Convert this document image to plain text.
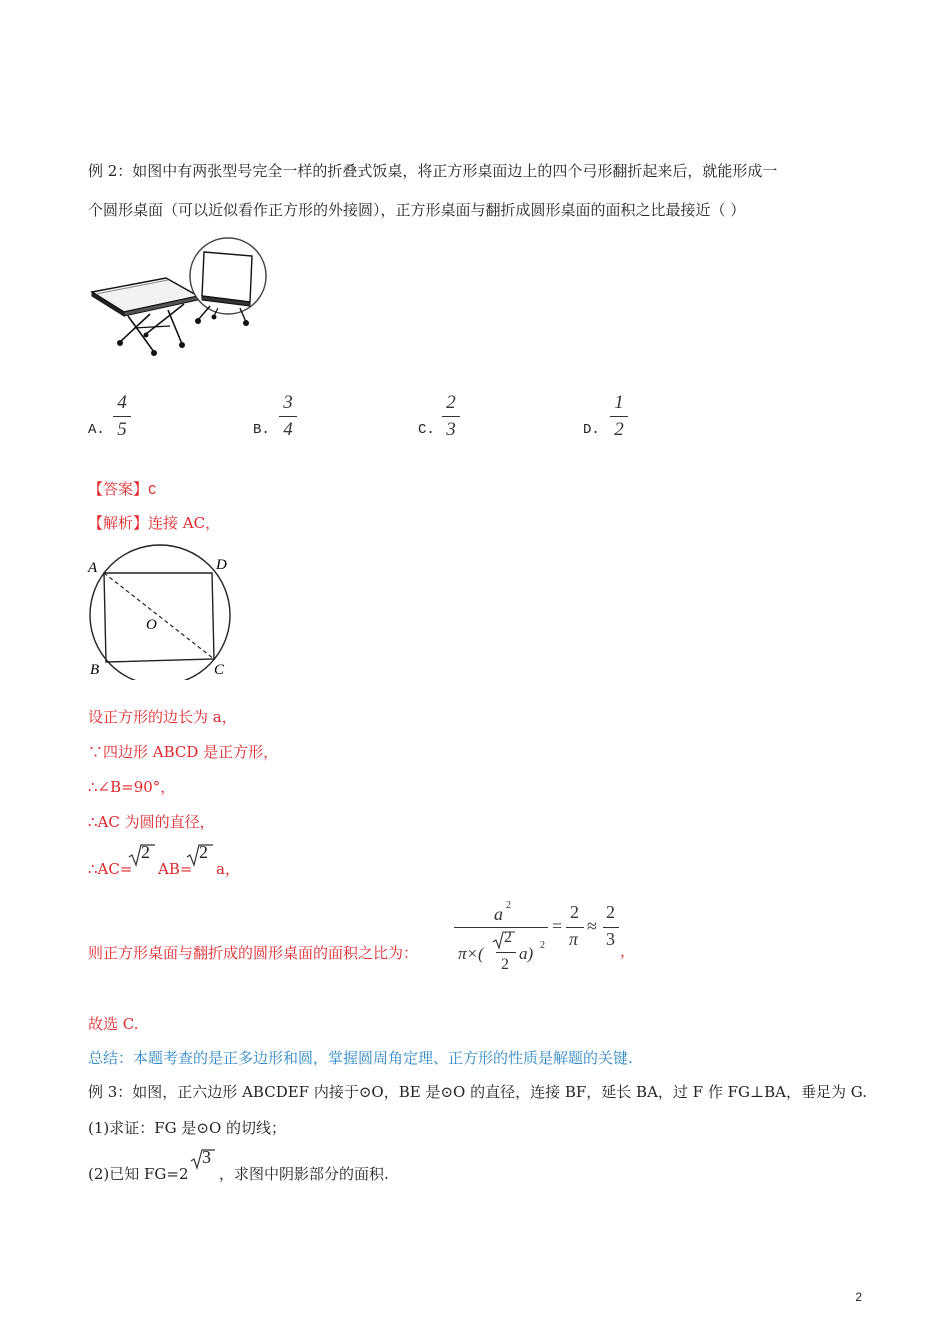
例 2：如图中有两张型号完全一样的折叠式饭桌，将正方形桌面边上的四个弓形翻折起来后，就能形成一
个圆形桌面（可以近似看作正方形的外接圆），正方形桌面与翻折成圆形桌面的面积之比最接近（ ）
A.
4
5	B.
3
4	C.
2
3	D.
1
2
【答案】C
【解析】连接 AC，
A	D
O
B	C
设正方形的边长为 a，
∵四边形 ABCD 是正方形，
∴∠B=90°，
∴AC 为圆的直径，
∴AC=
2
AB=
2
a，
则正方形桌面与翻折成的圆形桌面的面积之比为：
a 2
π×(
2
2
a) 2
=
2
π
≈
2
3
，
故选 C.
总结：本题考查的是正多边形和圆，掌握圆周角定理、正方形的性质是解题的关键.
例 3：如图，正六边形 ABCDEF 内接于⊙O，BE 是⊙O 的直径，连接 BF，延长 BA，过 F 作 FG⊥BA，垂足为 G.
(1)求证：FG 是⊙O 的切线；
(2)已知 FG=2
3
，求图中阴影部分的面积.
2
